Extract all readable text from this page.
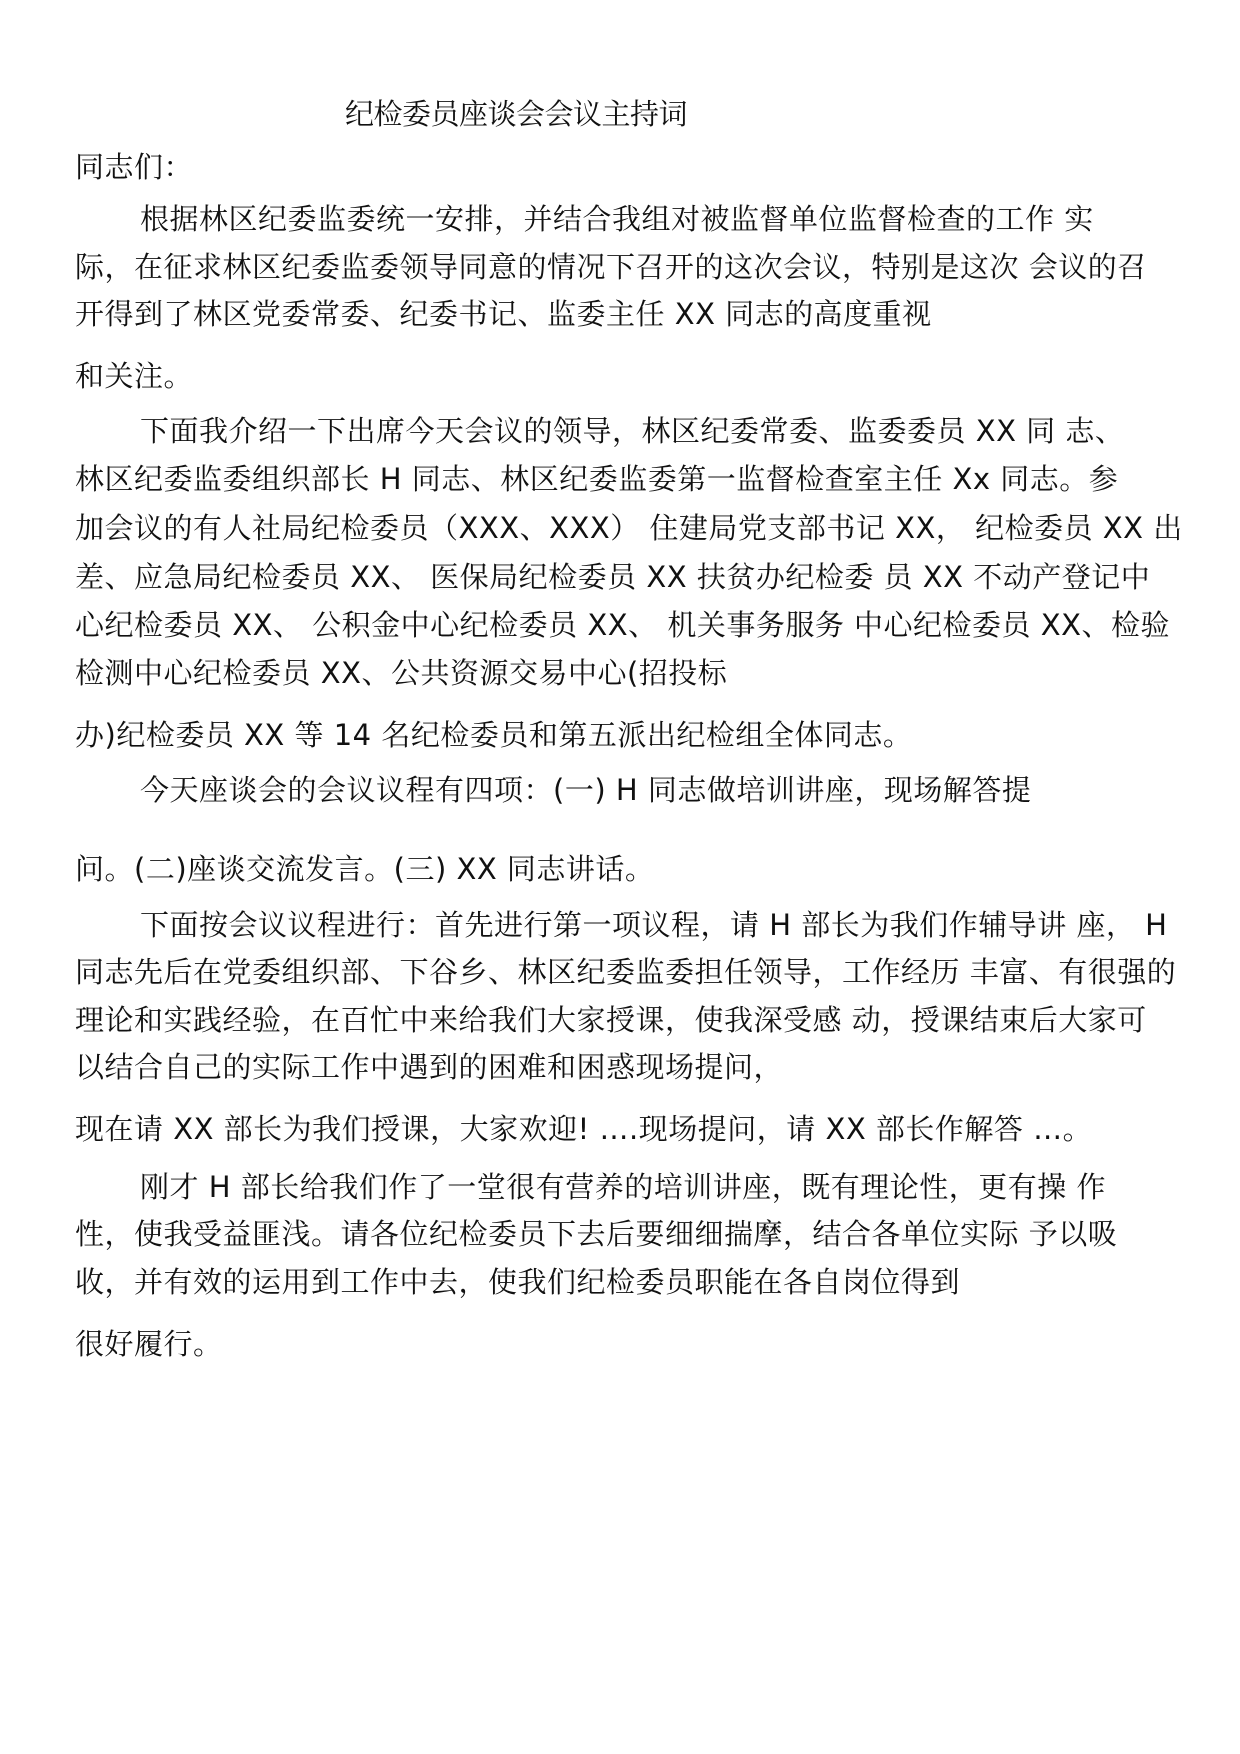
纪检委员座谈会会议主持词
同志们：
根据林区纪委监委统一安排，并结合我组对被监督单位监督检查的工作 实
际，在征求林区纪委监委领导同意的情况下召开的这次会议，特别是这次 会议的召
开得到了林区党委常委、纪委书记、监委主任 XX 同志的高度重视
和关注。
下面我介绍一下出席今天会议的领导，林区纪委常委、监委委员 XX 同 志、
林区纪委监委组织部长 H 同志、林区纪委监委第一监督检查室主任 Xx 同志。参
加会议的有人社局纪检委员（XXX、XXX） 住建局党支部书记 XX， 纪检委员 XX 出
差、应急局纪检委员 XX、 医保局纪检委员 XX 扶贫办纪检委 员 XX 不动产登记中
心纪检委员 XX、 公积金中心纪检委员 XX、 机关事务服务 中心纪检委员 XX、检验
检测中心纪检委员 XX、公共资源交易中心(招投标
办)纪检委员 XX 等 14 名纪检委员和第五派出纪检组全体同志。
今天座谈会的会议议程有四项：(一) H 同志做培训讲座，现场解答提
问。(二)座谈交流发言。(三) XX 同志讲话。
下面按会议议程进行：首先进行第一项议程，请 H 部长为我们作辅导讲 座， H
同志先后在党委组织部、下谷乡、林区纪委监委担任领导，工作经历 丰富、有很强的
理论和实践经验，在百忙中来给我们大家授课，使我深受感 动，授课结束后大家可
以结合自己的实际工作中遇到的困难和困惑现场提问，
现在请 XX 部长为我们授课，大家欢迎! ….现场提问，请 XX 部长作解答 …。
刚才 H 部长给我们作了一堂很有营养的培训讲座，既有理论性，更有操 作
性，使我受益匪浅。请各位纪检委员下去后要细细揣摩，结合各单位实际 予以吸
收，并有效的运用到工作中去，使我们纪检委员职能在各自岗位得到
很好履行。
